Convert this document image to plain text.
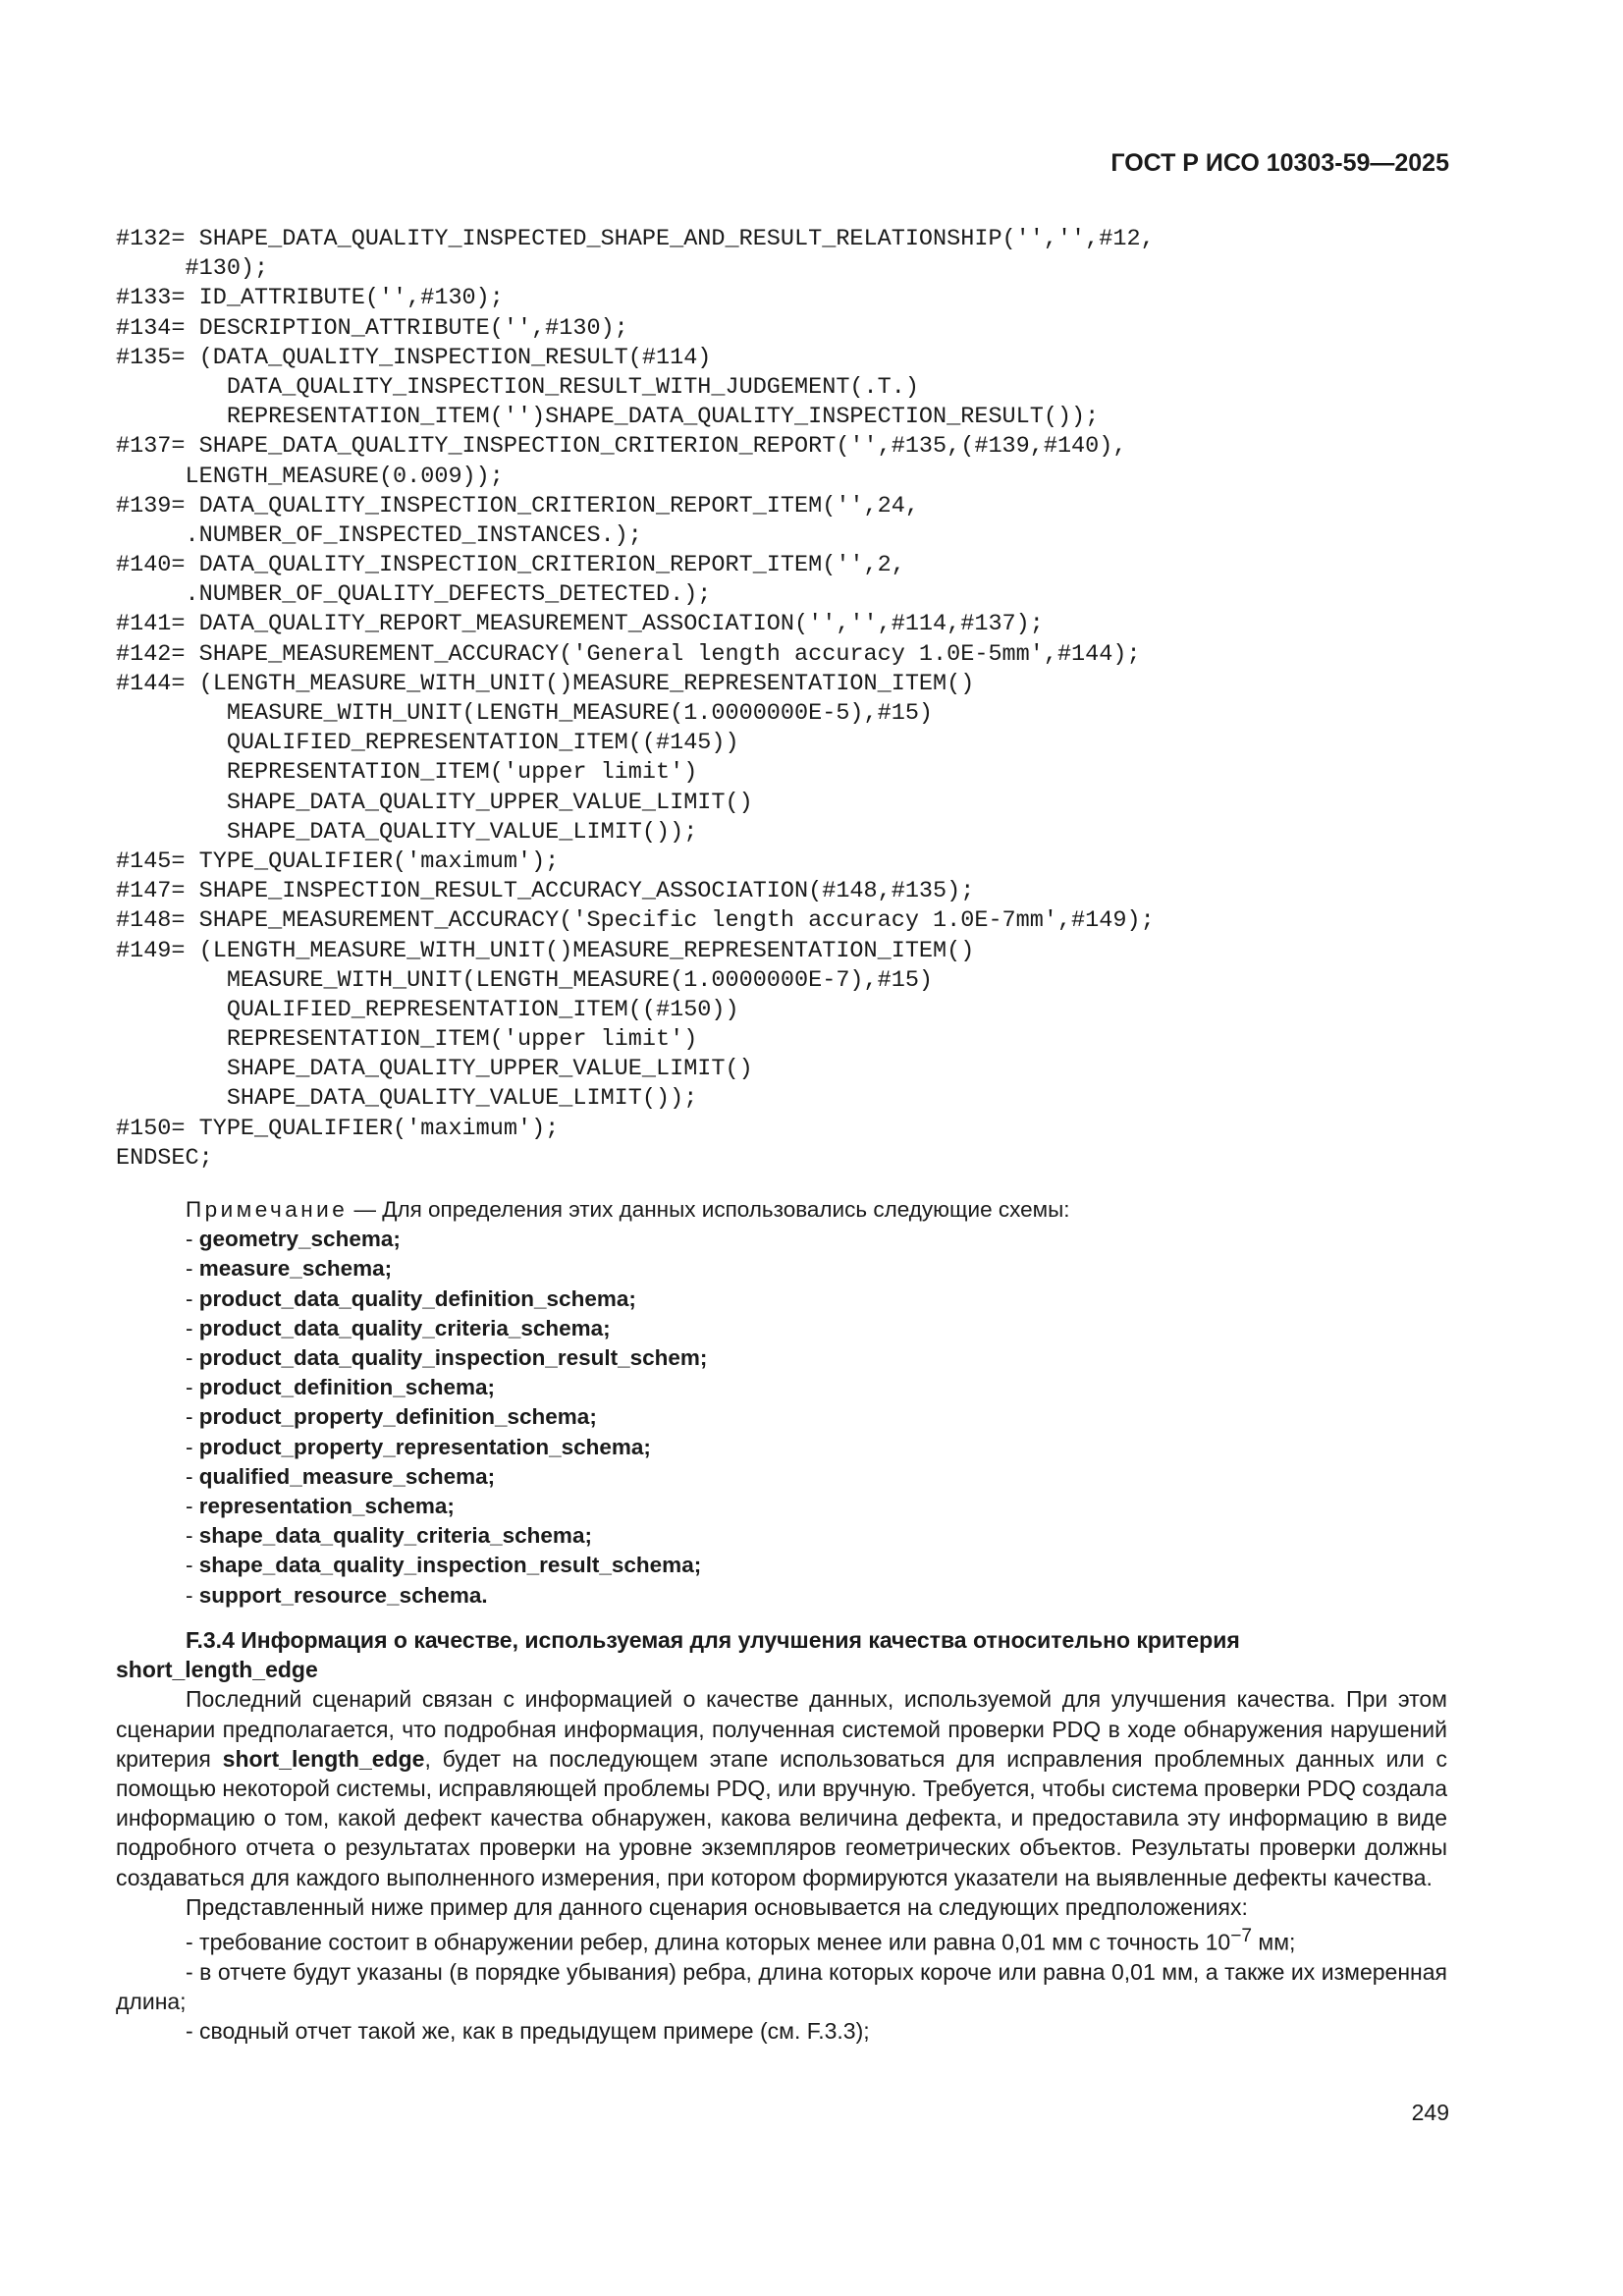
ГОСТ Р ИСО 10303-59—2025
#132= SHAPE_DATA_QUALITY_INSPECTED_SHAPE_AND_RESULT_RELATIONSHIP('','',#12,
#130);
#133= ID_ATTRIBUTE('',#130);
#134= DESCRIPTION_ATTRIBUTE('',#130);
#135= (DATA_QUALITY_INSPECTION_RESULT(#114)
DATA_QUALITY_INSPECTION_RESULT_WITH_JUDGEMENT(.T.)
REPRESENTATION_ITEM('')SHAPE_DATA_QUALITY_INSPECTION_RESULT());
#137= SHAPE_DATA_QUALITY_INSPECTION_CRITERION_REPORT('',#135,(#139,#140),
LENGTH_MEASURE(0.009));
#139= DATA_QUALITY_INSPECTION_CRITERION_REPORT_ITEM('',24,
.NUMBER_OF_INSPECTED_INSTANCES.);
#140= DATA_QUALITY_INSPECTION_CRITERION_REPORT_ITEM('',2,
.NUMBER_OF_QUALITY_DEFECTS_DETECTED.);
#141= DATA_QUALITY_REPORT_MEASUREMENT_ASSOCIATION('','',#114,#137);
#142= SHAPE_MEASUREMENT_ACCURACY('General length accuracy 1.0E-5mm',#144);
#144= (LENGTH_MEASURE_WITH_UNIT()MEASURE_REPRESENTATION_ITEM()
MEASURE_WITH_UNIT(LENGTH_MEASURE(1.0000000E-5),#15)
QUALIFIED_REPRESENTATION_ITEM((#145))
REPRESENTATION_ITEM('upper limit')
SHAPE_DATA_QUALITY_UPPER_VALUE_LIMIT()
SHAPE_DATA_QUALITY_VALUE_LIMIT());
#145= TYPE_QUALIFIER('maximum');
#147= SHAPE_INSPECTION_RESULT_ACCURACY_ASSOCIATION(#148,#135);
#148= SHAPE_MEASUREMENT_ACCURACY('Specific length accuracy 1.0E-7mm',#149);
#149= (LENGTH_MEASURE_WITH_UNIT()MEASURE_REPRESENTATION_ITEM()
MEASURE_WITH_UNIT(LENGTH_MEASURE(1.0000000E-7),#15)
QUALIFIED_REPRESENTATION_ITEM((#150))
REPRESENTATION_ITEM('upper limit')
SHAPE_DATA_QUALITY_UPPER_VALUE_LIMIT()
SHAPE_DATA_QUALITY_VALUE_LIMIT());
#150= TYPE_QUALIFIER('maximum');
ENDSEC;
Примечание — Для определения этих данных использовались следующие схемы:
- geometry_schema;
- measure_schema;
- product_data_quality_definition_schema;
- product_data_quality_criteria_schema;
- product_data_quality_inspection_result_schem;
- product_definition_schema;
- product_property_definition_schema;
- product_property_representation_schema;
- qualified_measure_schema;
- representation_schema;
- shape_data_quality_criteria_schema;
- shape_data_quality_inspection_result_schema;
- support_resource_schema.
F.3.4 Информация о качестве, используемая для улучшения качества относительно критерия
short_length_edge

Последний сценарий связан с информацией о качестве данных, используемой для улучшения качества. При этом сценарии предполагается, что подробная информация, полученная системой проверки PDQ в ходе обнаружения нарушений критерия short_length_edge, будет на последующем этапе использоваться для исправления проблемных данных или с помощью некоторой системы, исправляющей проблемы PDQ, или вручную. Требуется, чтобы система проверки PDQ создала информацию о том, какой дефект качества обнаружен, какова величина дефекта, и предоставила эту информацию в виде подробного отчета о результатах проверки на уровне экземпляров геометрических объектов. Результаты проверки должны создаваться для каждого выполненного измерения, при котором формируются указатели на выявленные дефекты качества.

Представленный ниже пример для данного сценария основывается на следующих предположениях:

- требование состоит в обнаружении ребер, длина которых менее или равна 0,01 мм с точность $10^{-7}$ мм;

- в отчете будут указаны (в порядке убывания) ребра, длина которых короче или равна 0,01 мм, а также их измеренная длина;

- сводный отчет такой же, как в предыдущем примере (см. F.3.3);

249
